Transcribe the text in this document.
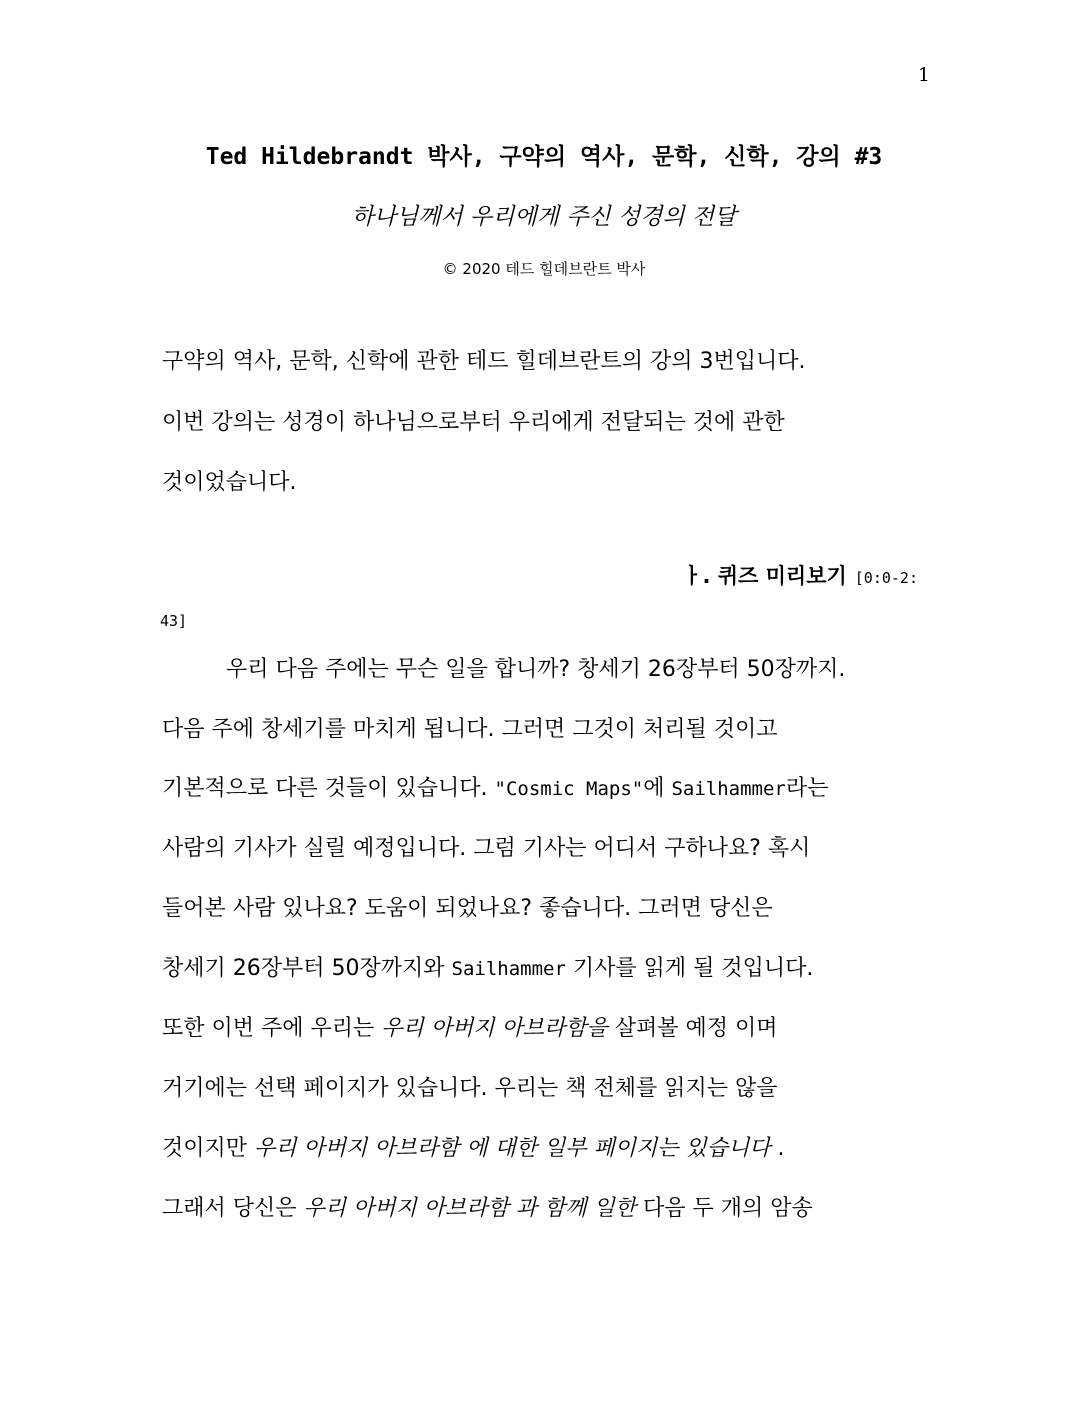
1
Ted Hildebrandt 박사, 구약의 역사, 문학, 신학, 강의 #3
하나님께서 우리에게 주신 성경의 전달
© 2020 테드 힐데브란트 박사
구약의 역사, 문학, 신학에 관한 테드 힐데브란트의 강의 3번입니다.
이번 강의는 성경이 하나님으로부터 우리에게 전달되는 것에 관한
것이었습니다.
ㅏ. 퀴즈 미리보기 [0:0-2:
43]
우리 다음 주에는 무슨 일을 합니까? 창세기 26장부터 50장까지.
다음 주에 창세기를 마치게 됩니다. 그러면 그것이 처리될 것이고
기본적으로 다른 것들이 있습니다. "Cosmic Maps"에 Sailhammer라는
사람의 기사가 실릴 예정입니다. 그럼 기사는 어디서 구하나요? 혹시
들어본 사람 있나요? 도움이 되었나요? 좋습니다. 그러면 당신은
창세기 26장부터 50장까지와 Sailhammer 기사를 읽게 될 것입니다.
또한 이번 주에 우리는 우리 아버지 아브라함을 살펴볼 예정 이며
거기에는 선택 페이지가 있습니다. 우리는 책 전체를 읽지는 않을
것이지만 우리 아버지 아브라함 에 대한 일부 페이지는 있습니다 .
그래서 당신은 우리 아버지 아브라함 과 함께 일한 다음 두 개의 암송
